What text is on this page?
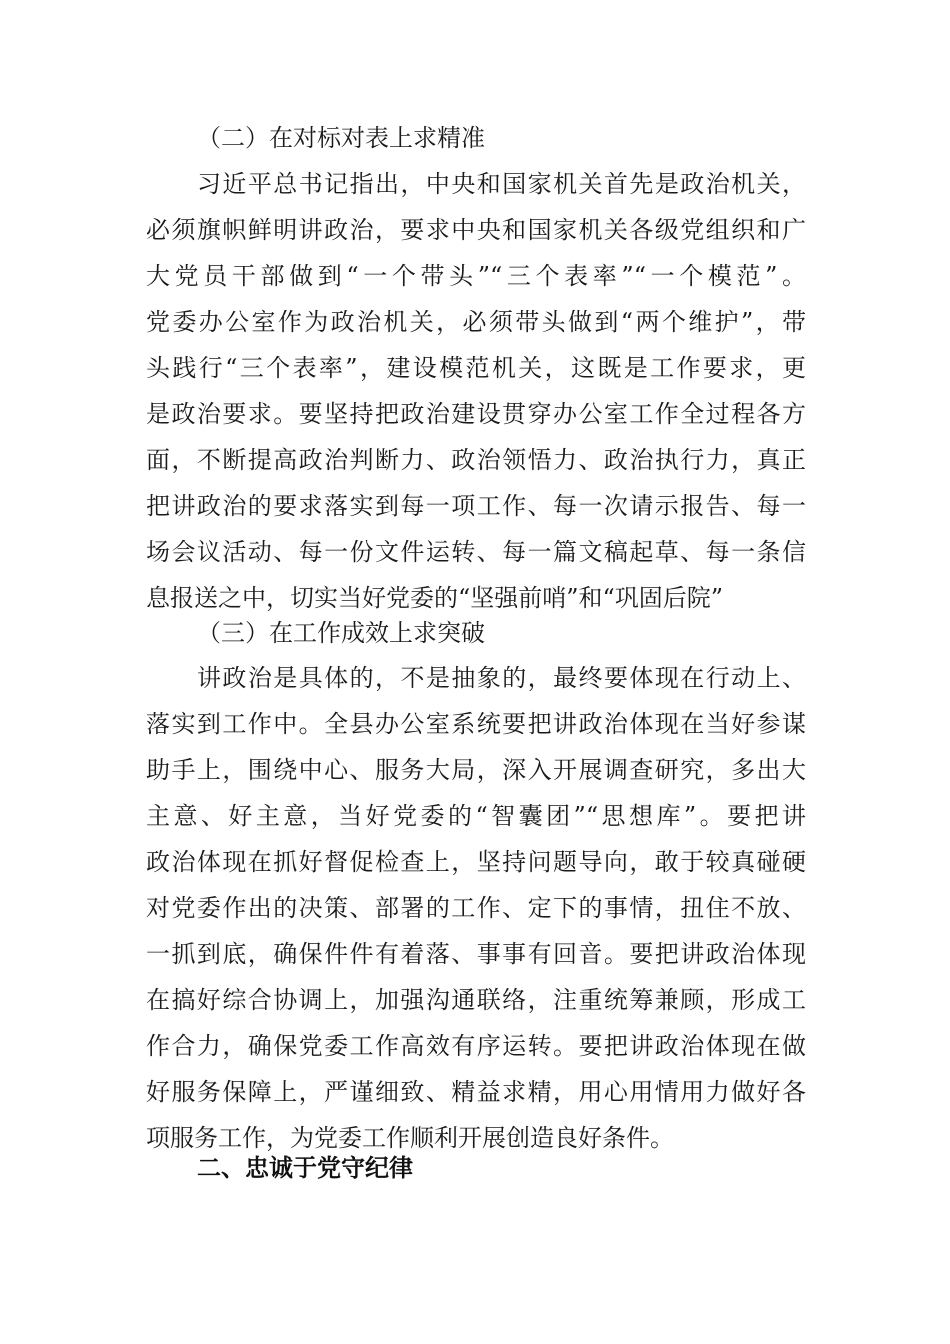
（二）在对标对表上求精准
习近平总书记指出，中央和国家机关首先是政治机关，
必须旗帜鲜明讲政治，要求中央和国家机关各级党组织和广
大党员干部做到“一个带头”“三个表率”“一个模范”。
党委办公室作为政治机关，必须带头做到“两个维护”，带
头践行“三个表率”，建设模范机关，这既是工作要求，更
是政治要求。要坚持把政治建设贯穿办公室工作全过程各方
面，不断提高政治判断力、政治领悟力、政治执行力，真正
把讲政治的要求落实到每一项工作、每一次请示报告、每一
场会议活动、每一份文件运转、每一篇文稿起草、每一条信
息报送之中，切实当好党委的“坚强前哨”和“巩固后院”
（三）在工作成效上求突破
讲政治是具体的，不是抽象的，最终要体现在行动上、
落实到工作中。全县办公室系统要把讲政治体现在当好参谋
助手上，围绕中心、服务大局，深入开展调查研究，多出大
主意、好主意，当好党委的“智囊团”“思想库”。要把讲
政治体现在抓好督促检查上，坚持问题导向，敢于较真碰硬
对党委作出的决策、部署的工作、定下的事情，扭住不放、
一抓到底，确保件件有着落、事事有回音。要把讲政治体现
在搞好综合协调上，加强沟通联络，注重统筹兼顾，形成工
作合力，确保党委工作高效有序运转。要把讲政治体现在做
好服务保障上，严谨细致、精益求精，用心用情用力做好各
项服务工作，为党委工作顺利开展创造良好条件。
二、忠诚于党守纪律
